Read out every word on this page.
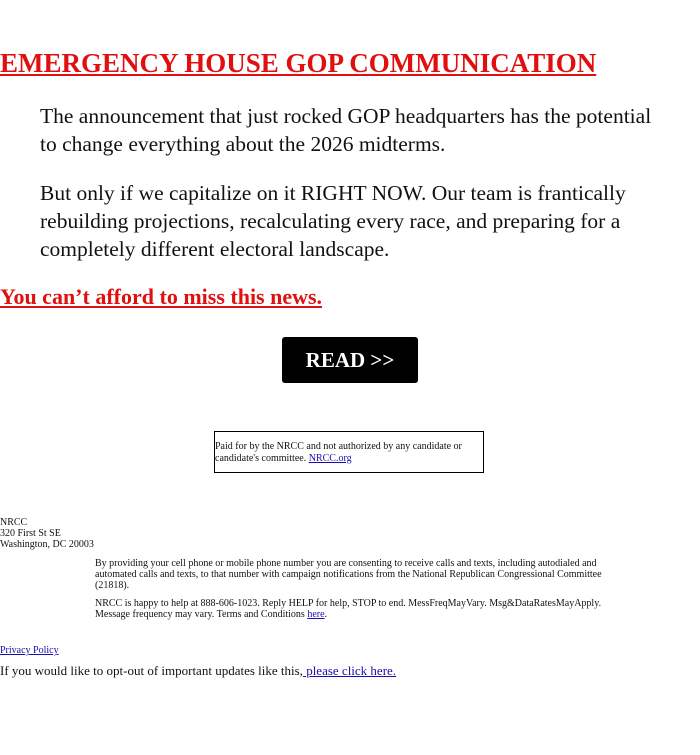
EMERGENCY HOUSE GOP COMMUNICATION

The announcement that just rocked GOP headquarters has the potential to change everything about the 2026 midterms.

But only if we capitalize on it RIGHT NOW. Our team is frantically rebuilding projections, recalculating every race, and preparing for a completely different electoral landscape.

You can’t afford to miss this news.

READ >>
Paid for by the NRCC and not authorized by any candidate or candidate's committee. NRCC.org
NRCC
320 First St SE
Washington, DC 20003
By providing your cell phone or mobile phone number you are consenting to receive calls and texts, including autodialed and automated calls and texts, to that number with campaign notifications from the National Republican Congressional Committee (21818).
NRCC is happy to help at 888-606-1023. Reply HELP for help, STOP to end. MessFreqMayVary. Msg&DataRatesMayApply. Message frequency may vary. Terms and Conditions here.
Privacy Policy
If you would like to opt-out of important updates like this, please click here.
